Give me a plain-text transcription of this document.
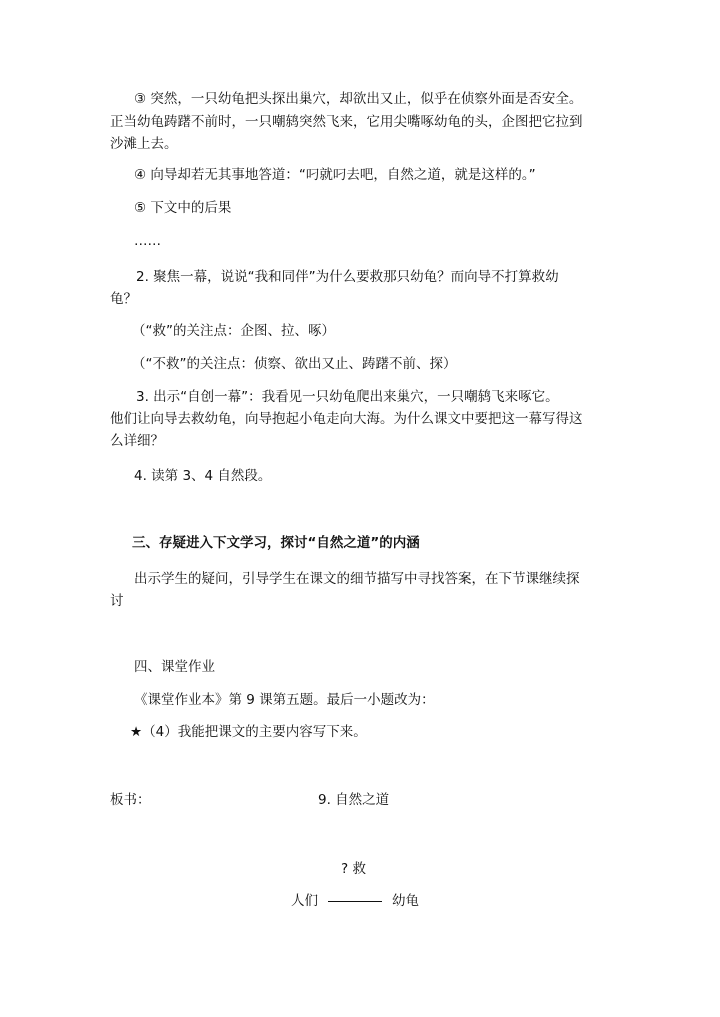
③ 突然，一只幼龟把头探出巢穴，却欲出又止，似乎在侦察外面是否安全。

正当幼龟踌躇不前时，一只嘲鸫突然飞来，它用尖嘴啄幼龟的头，企图把它拉到

沙滩上去。

④ 向导却若无其事地答道：“叼就叼去吧，自然之道，就是这样的。”

⑤ 下文中的后果

……

2. 聚焦一幕，说说“我和同伴”为什么要救那只幼龟？而向导不打算救幼

龟？

（“救”的关注点：企图、拉、啄）

（“不救”的关注点：侦察、欲出又止、踌躇不前、探）

3. 出示“自创一幕”：我看见一只幼龟爬出来巢穴，一只嘲鸫飞来啄它。

他们让向导去救幼龟，向导抱起小龟走向大海。为什么课文中要把这一幕写得这

么详细？

4. 读第 3、4 自然段。

三、存疑进入下文学习，探讨“自然之道”的内涵

出示学生的疑问，引导学生在课文的细节描写中寻找答案，在下节课继续探

讨

四、课堂作业

《课堂作业本》第 9 课第五题。最后一小题改为：

★（4）我能把课文的主要内容写下来。

板书：	9. 自然之道

? 救

人们	幼龟
